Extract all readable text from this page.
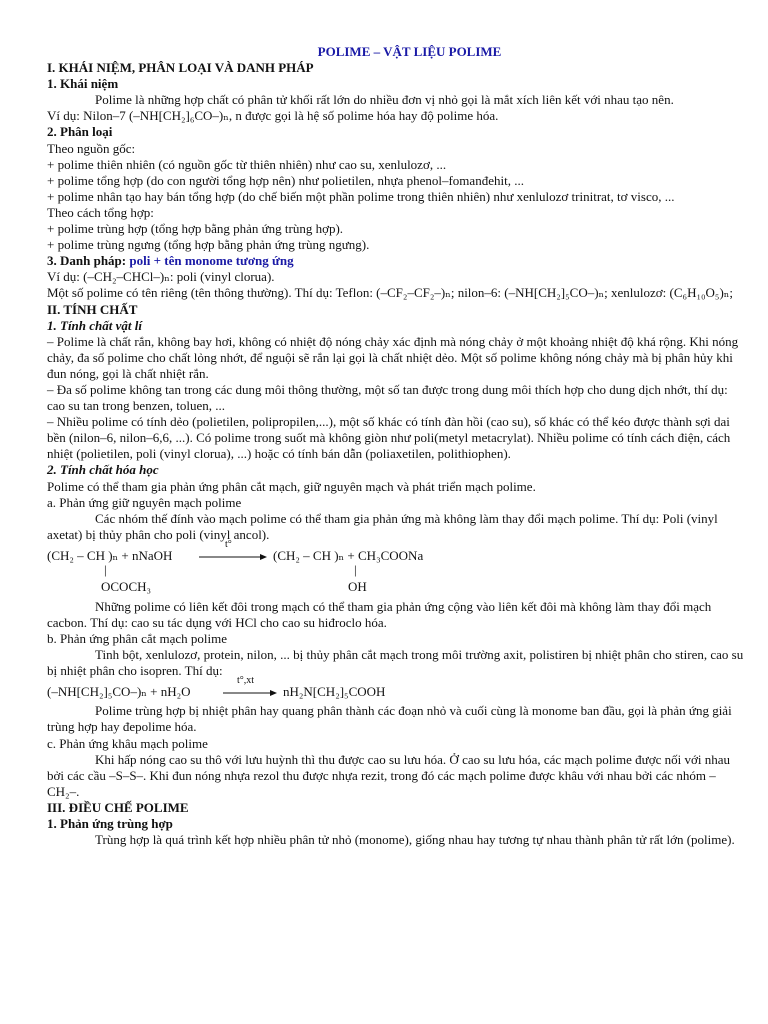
POLIME – VẬT LIỆU POLIME

I. KHÁI NIỆM, PHÂN LOẠI VÀ DANH PHÁP

1. Khái niệm

Polime là những hợp chất có phân tử khối rất lớn do nhiều đơn vị nhỏ gọi là mắt xích liên kết với nhau tạo nên.

Ví dụ: Nilon–7 (–NH[CH₂]₆CO–)ₙ, n được gọi là hệ số polime hóa hay độ polime hóa.

2. Phân loại

Theo nguồn gốc:

+ polime thiên nhiên (có nguồn gốc từ thiên nhiên) như cao su, xenlulozơ, ...

+ polime tổng hợp (do con người tổng hợp nên) như polietilen, nhựa phenol–fomanđehit, ...

+ polime nhân tạo hay bán tổng hợp (do chế biến một phần polime trong thiên nhiên) như xenlulozơ trinitrat, tơ visco, ...

Theo cách tổng hợp:

+ polime trùng hợp (tổng hợp bằng phản ứng trùng hợp).

+ polime trùng ngưng (tổng hợp bằng phản ứng trùng ngưng).

3. Danh pháp: poli + tên monome tương ứng

Ví dụ: (–CH₂–CHCl–)ₙ: poli (vinyl clorua).

Một số polime có tên riêng (tên thông thường). Thí dụ: Teflon: (–CF₂–CF₂–)ₙ; nilon–6: (–NH[CH₂]₅CO–)ₙ; xenlulozơ: (C₆H₁₀O₅)ₙ;

II. TÍNH CHẤT

1. Tính chất vật lí

– Polime là chất rắn, không bay hơi, không có nhiệt độ nóng chảy xác định mà nóng chảy ở một khoảng nhiệt độ khá rộng. Khi nóng chảy, đa số polime cho chất lỏng nhớt, để nguội sẽ rắn lại gọi là chất nhiệt dẻo. Một số polime không nóng chảy mà bị phân hủy khi đun nóng, gọi là chất nhiệt rắn.

– Đa số polime không tan trong các dung môi thông thường, một số tan được trong dung môi thích hợp cho dung dịch nhớt, thí dụ: cao su tan trong benzen, toluen, ...

– Nhiều polime có tính dẻo (polietilen, polipropilen,...), một số khác có tính đàn hồi (cao su), số khác có thể kéo được thành sợi dai bền (nilon–6, nilon–6,6, ...). Có polime trong suốt mà không giòn như poli(metyl metacrylat). Nhiều polime có tính cách điện, cách nhiệt (polietilen, poli (vinyl clorua), ...) hoặc có tính bán dẫn (poliaxetilen, polithiophen).

2. Tính chất hóa học

Polime có thể tham gia phản ứng phân cắt mạch, giữ nguyên mạch và phát triển mạch polime.

a. Phản ứng giữ nguyên mạch polime

Các nhóm thế đính vào mạch polime có thể tham gia phản ứng mà không làm thay đổi mạch polime. Thí dụ: Poli (vinyl axetat) bị thủy phân cho poli (vinyl ancol).

(CH₂ – CH )ₙ + nNaOH
t°
(CH₂ – CH )ₙ + CH₃COONa
|	|
OCOCH₃	OH

Những polime có liên kết đôi trong mạch có thể tham gia phản ứng cộng vào liên kết đôi mà không làm thay đổi mạch cacbon. Thí dụ: cao su tác dụng với HCl cho cao su hiđroclo hóa.

b. Phản ứng phân cắt mạch polime

Tinh bột, xenlulozơ, protein, nilon, ... bị thủy phân cắt mạch trong môi trường axit, polistiren bị nhiệt phân cho stiren, cao su bị nhiệt phân cho isopren. Thí dụ:

(–NH[CH₂]₅CO–)ₙ + nH₂O
t°,xt
nH₂N[CH₂]₅COOH

Polime trùng hợp bị nhiệt phân hay quang phân thành các đoạn nhỏ và cuối cùng là monome ban đầu, gọi là phản ứng giải trùng hợp hay đepolime hóa.

c. Phản ứng khâu mạch polime

Khi hấp nóng cao su thô với lưu huỳnh thì thu được cao su lưu hóa. Ở cao su lưu hóa, các mạch polime được nối với nhau bởi các cầu –S–S–. Khi đun nóng nhựa rezol thu được nhựa rezit, trong đó các mạch polime được khâu với nhau bởi các nhóm –CH₂–.

III. ĐIỀU CHẾ POLIME

1. Phản ứng trùng hợp

Trùng hợp là quá trình kết hợp nhiều phân tử nhỏ (monome), giống nhau hay tương tự nhau thành phân tử rất lớn (polime).
